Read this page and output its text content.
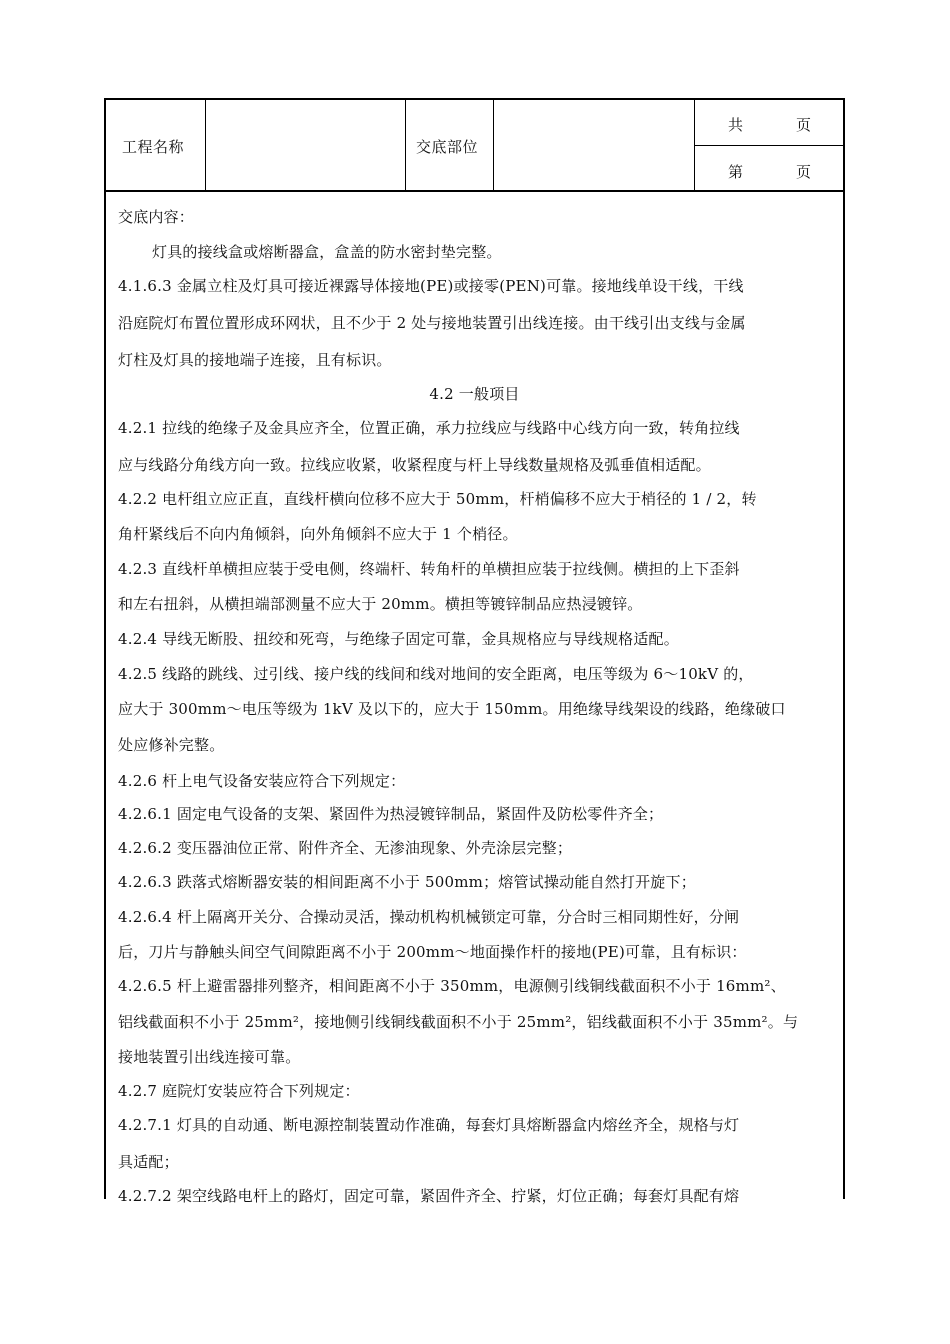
工程名称	交底部位
共	页
第	页
交底内容：
灯具的接线盒或熔断器盒，盒盖的防水密封垫完整。
4.1.6.3 金属立柱及灯具可接近裸露导体接地(PE)或接零(PEN)可靠。接地线单设干线，干线
沿庭院灯布置位置形成环网状，且不少于 2 处与接地装置引出线连接。由干线引出支线与金属
灯柱及灯具的接地端子连接，且有标识。
4.2 一般项目
4.2.1 拉线的绝缘子及金具应齐全，位置正确，承力拉线应与线路中心线方向一致，转角拉线
应与线路分角线方向一致。拉线应收紧，收紧程度与杆上导线数量规格及弧垂值相适配。
4.2.2 电杆组立应正直，直线杆横向位移不应大于 50mm，杆梢偏移不应大于梢径的 1 / 2，转
角杆紧线后不向内角倾斜，向外角倾斜不应大于 1 个梢径。
4.2.3 直线杆单横担应装于受电侧，终端杆、转角杆的单横担应装于拉线侧。横担的上下歪斜
和左右扭斜，从横担端部测量不应大于 20mm。横担等镀锌制品应热浸镀锌。
4.2.4 导线无断股、扭绞和死弯，与绝缘子固定可靠，金具规格应与导线规格适配。
4.2.5 线路的跳线、过引线、接户线的线间和线对地间的安全距离，电压等级为 6～10kV 的，
应大于 300mm～电压等级为 1kV 及以下的，应大于 150mm。用绝缘导线架设的线路，绝缘破口
处应修补完整。
4.2.6 杆上电气设备安装应符合下列规定：
4.2.6.1 固定电气设备的支架、紧固件为热浸镀锌制品，紧固件及防松零件齐全；
4.2.6.2 变压器油位正常、附件齐全、无渗油现象、外壳涂层完整；
4.2.6.3 跌落式熔断器安装的相间距离不小于 500mm；熔管试操动能自然打开旋下；
4.2.6.4 杆上隔离开关分、合操动灵活，操动机构机械锁定可靠，分合时三相同期性好，分闸
后，刀片与静触头间空气间隙距离不小于 200mm～地面操作杆的接地(PE)可靠，且有标识：
4.2.6.5 杆上避雷器排列整齐，相间距离不小于 350mm，电源侧引线铜线截面积不小于 16mm²、
铝线截面积不小于 25mm²，接地侧引线铜线截面积不小于 25mm²，铝线截面积不小于 35mm²。与
接地装置引出线连接可靠。
4.2.7 庭院灯安装应符合下列规定：
4.2.7.1 灯具的自动通、断电源控制装置动作准确，每套灯具熔断器盒内熔丝齐全，规格与灯
具适配；
4.2.7.2 架空线路电杆上的路灯，固定可靠，紧固件齐全、拧紧，灯位正确；每套灯具配有熔
